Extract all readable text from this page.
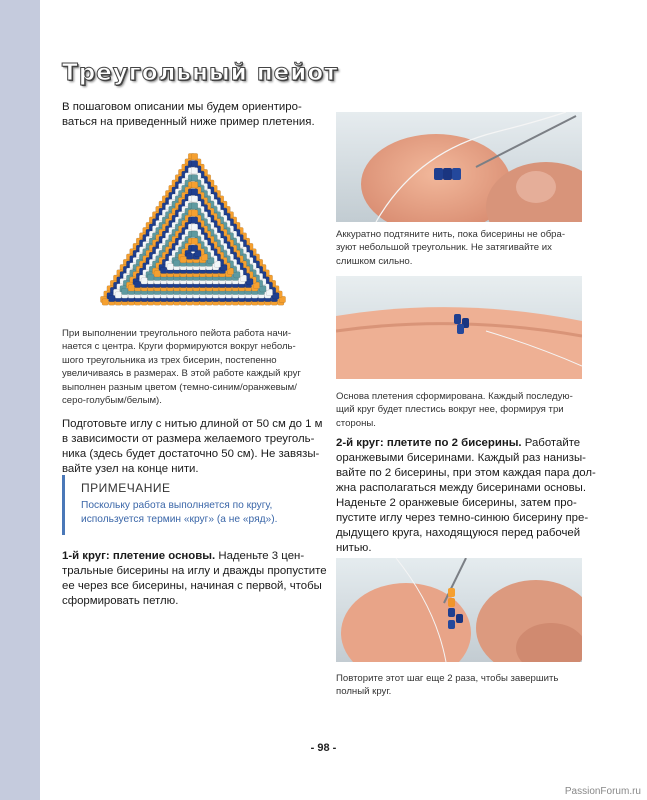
Треугольный пейот

В пошаговом описании мы будем ориентиро-
ваться на приведенный ниже пример плетения.

При выполнении треугольного пейота работа начи-
нается с центра. Круги формируются вокруг неболь-
шого треугольника из трех бисерин, постепенно
увеличиваясь в размерах. В этой работе каждый круг
выполнен разным цветом (темно-синим/оранжевым/
серо-голубым/белым).

Подготовьте иглу с нитью длиной от 50 см до 1 м
в зависимости от размера желаемого треуголь-
ника (здесь будет достаточно 50 см). Не завязы-
вайте узел на конце нити.

ПРИМЕЧАНИЕ
Поскольку работа выполняется по кругу,
используется термин «круг» (а не «ряд»).

1-й круг: плетение основы. Наденьте 3 цен-
тральные бисерины на иглу и дважды пропустите
ее через все бисерины, начиная с первой, чтобы
сформировать петлю.

Аккуратно подтяните нить, пока бисерины не обра-
зуют небольшой треугольник. Не затягивайте их
слишком сильно.

Основа плетения сформирована. Каждый последую-
щий круг будет плестись вокруг нее, формируя три
стороны.

2-й круг: плетите по 2 бисерины. Работайте
оранжевыми бисеринами. Каждый раз нанизы-
вайте по 2 бисерины, при этом каждая пара дол-
жна располагаться между бисеринами основы.
Наденьте 2 оранжевые бисерины, затем про-
пустите иглу через темно-синюю бисерину пре-
дыдущего круга, находящуюся перед рабочей
нитью.

Повторите этот шаг еще 2 раза, чтобы завершить
полный круг.

- 98 -
PassionForum.ru
